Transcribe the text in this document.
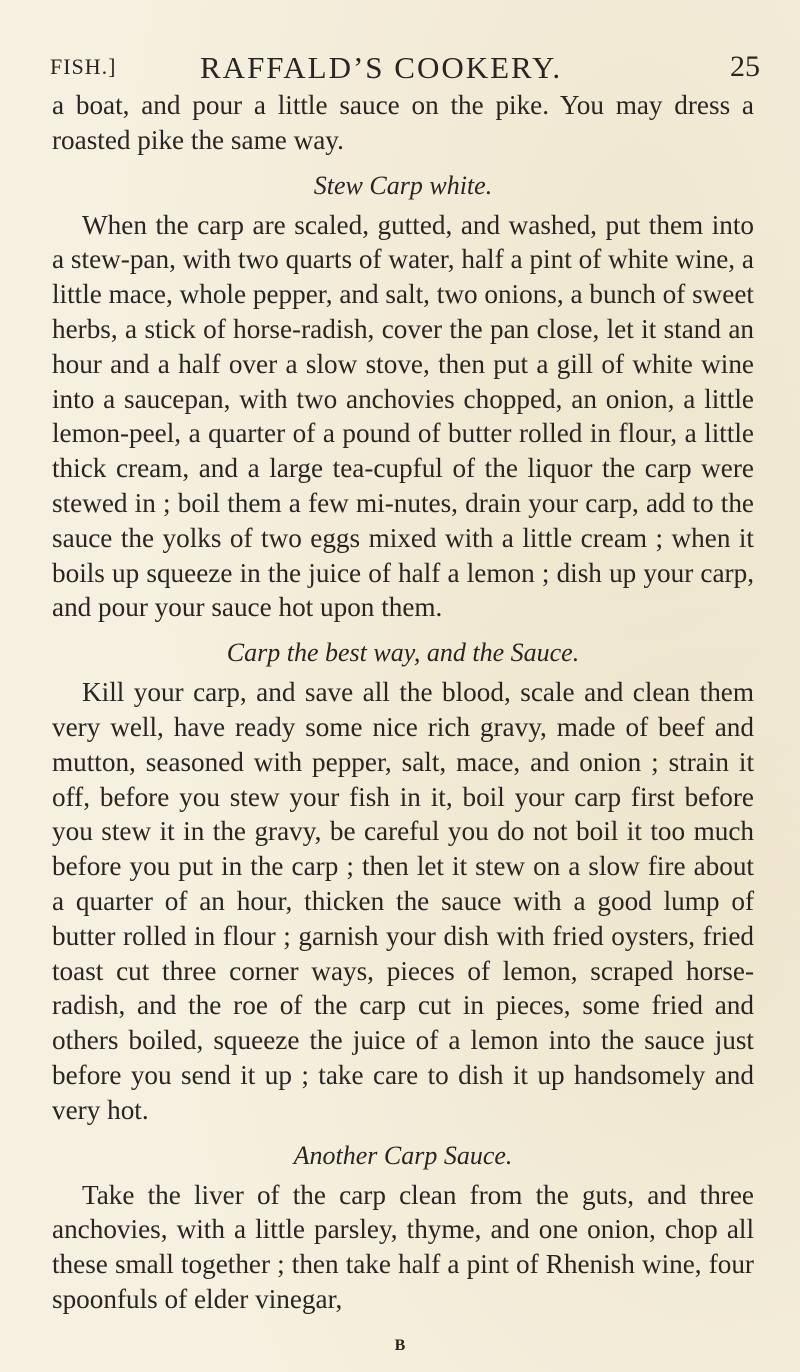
FISH.]	RAFFALD’S COOKERY.	25

a boat, and pour a little sauce on the pike. You may dress a roasted pike the same way.

Stew Carp white.

When the carp are scaled, gutted, and washed, put them into a stew-pan, with two quarts of water, half a pint of white wine, a little mace, whole pepper, and salt, two onions, a bunch of sweet herbs, a stick of horse-radish, cover the pan close, let it stand an hour and a half over a slow stove, then put a gill of white wine into a saucepan, with two anchovies chopped, an onion, a little lemon-peel, a quarter of a pound of butter rolled in flour, a little thick cream, and a large tea-cupful of the liquor the carp were stewed in ; boil them a few mi-nutes, drain your carp, add to the sauce the yolks of two eggs mixed with a little cream ; when it boils up squeeze in the juice of half a lemon ; dish up your carp, and pour your sauce hot upon them.

Carp the best way, and the Sauce.

Kill your carp, and save all the blood, scale and clean them very well, have ready some nice rich gravy, made of beef and mutton, seasoned with pepper, salt, mace, and onion ; strain it off, before you stew your fish in it, boil your carp first before you stew it in the gravy, be careful you do not boil it too much before you put in the carp ; then let it stew on a slow fire about a quarter of an hour, thicken the sauce with a good lump of butter rolled in flour ; garnish your dish with fried oysters, fried toast cut three corner ways, pieces of lemon, scraped horse-radish, and the roe of the carp cut in pieces, some fried and others boiled, squeeze the juice of a lemon into the sauce just before you send it up ; take care to dish it up handsomely and very hot.

Another Carp Sauce.

Take the liver of the carp clean from the guts, and three anchovies, with a little parsley, thyme, and one onion, chop all these small together ; then take half a pint of Rhenish wine, four spoonfuls of elder vinegar,

B
